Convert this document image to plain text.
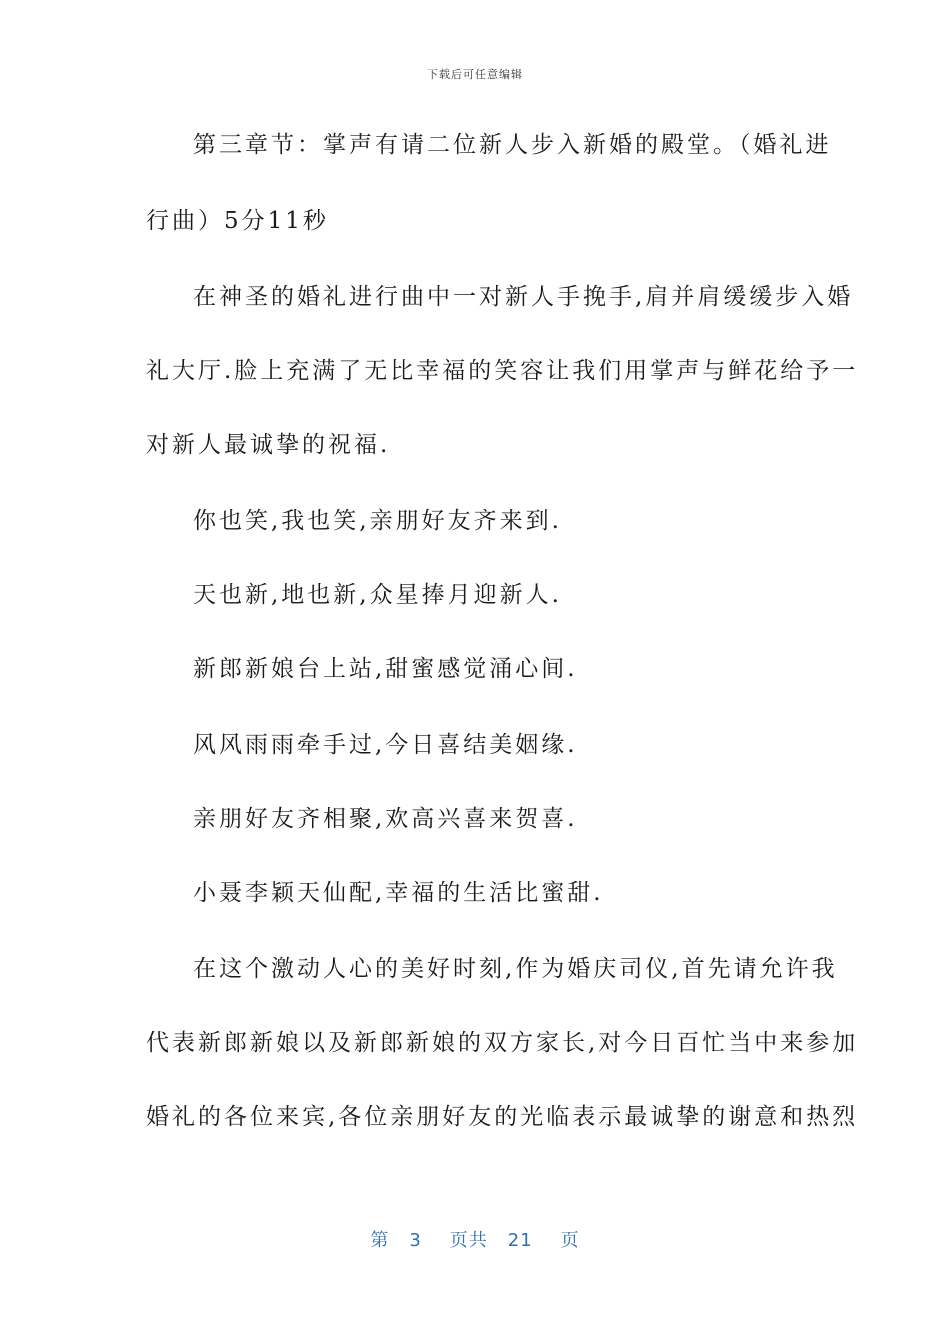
下载后可任意编辑
第三章节：掌声有请二位新人步入新婚的殿堂。（婚礼进
行曲）5分11秒
在神圣的婚礼进行曲中一对新人手挽手,肩并肩缓缓步入婚
礼大厅.脸上充满了无比幸福的笑容让我们用掌声与鲜花给予一
对新人最诚挚的祝福.
你也笑,我也笑,亲朋好友齐来到.
天也新,地也新,众星捧月迎新人.
新郎新娘台上站,甜蜜感觉涌心间.
风风雨雨牵手过,今日喜结美姻缘.
亲朋好友齐相聚,欢高兴喜来贺喜.
小聂李颖天仙配,幸福的生活比蜜甜.
在这个激动人心的美好时刻,作为婚庆司仪,首先请允许我
代表新郎新娘以及新郎新娘的双方家长,对今日百忙当中来参加
婚礼的各位来宾,各位亲朋好友的光临表示最诚挚的谢意和热烈
第 3 页共 21 页
